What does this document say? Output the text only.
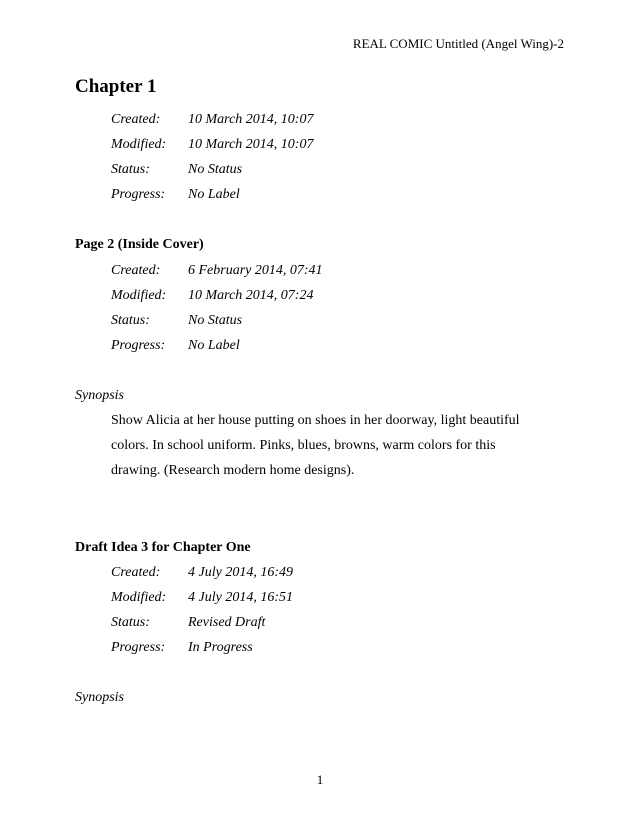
REAL COMIC Untitled (Angel Wing)-2
Chapter 1
Created: 10 March 2014, 10:07
Modified: 10 March 2014, 10:07
Status:	No Status
Progress: No Label
Page 2 (Inside Cover)
Created: 6 February 2014, 07:41
Modified: 10 March 2014, 07:24
Status:	No Status
Progress: No Label
Synopsis
Show Alicia at her house putting on shoes in her doorway, light beautiful
colors. In school uniform. Pinks, blues, browns, warm colors for this
drawing. (Research modern home designs).
Draft Idea 3 for Chapter One
Created: 4 July 2014, 16:49
Modified: 4 July 2014, 16:51
Status:	Revised Draft
Progress: In Progress
Synopsis
1
